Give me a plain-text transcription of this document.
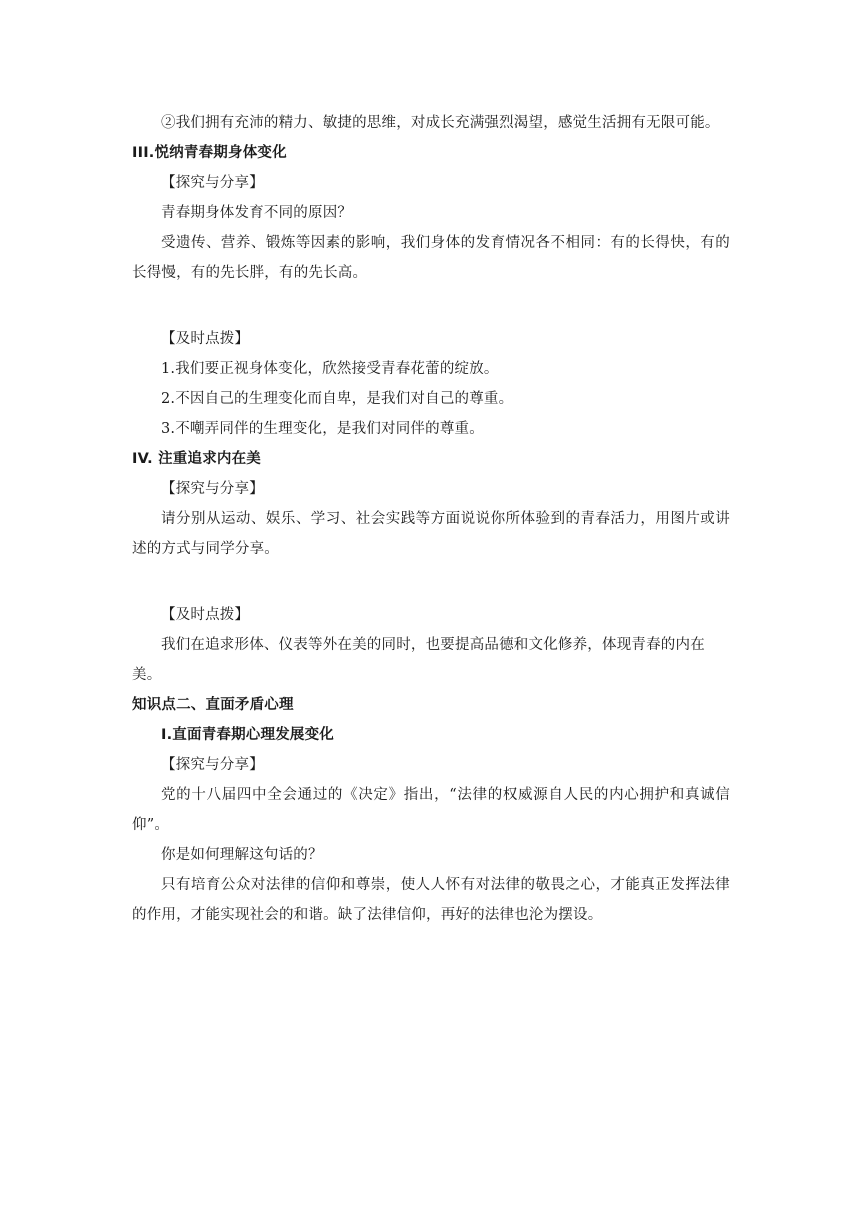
②我们拥有充沛的精力、敏捷的思维，对成长充满强烈渴望，感觉生活拥有无限可能。

III.悦纳青春期身体变化

【探究与分享】

青春期身体发育不同的原因？

受遗传、营养、锻炼等因素的影响，我们身体的发育情况各不相同：有的长得快，有的长得慢，有的先长胖，有的先长高。

【及时点拨】

1.我们要正视身体变化，欣然接受青春花蕾的绽放。

2.不因自己的生理变化而自卑，是我们对自己的尊重。

3.不嘲弄同伴的生理变化，是我们对同伴的尊重。

IV. 注重追求内在美

【探究与分享】

请分别从运动、娱乐、学习、社会实践等方面说说你所体验到的青春活力，用图片或讲述的方式与同学分享。

【及时点拨】

我们在追求形体、仪表等外在美的同时，也要提高品德和文化修养，体现青春的内在美。

知识点二、直面矛盾心理

Ⅰ.直面青春期心理发展变化

【探究与分享】

党的十八届四中全会通过的《决定》指出，“法律的权威源自人民的内心拥护和真诚信仰”。

你是如何理解这句话的？

只有培育公众对法律的信仰和尊崇，使人人怀有对法律的敬畏之心，才能真正发挥法律的作用，才能实现社会的和谐。缺了法律信仰，再好的法律也沦为摆设。
